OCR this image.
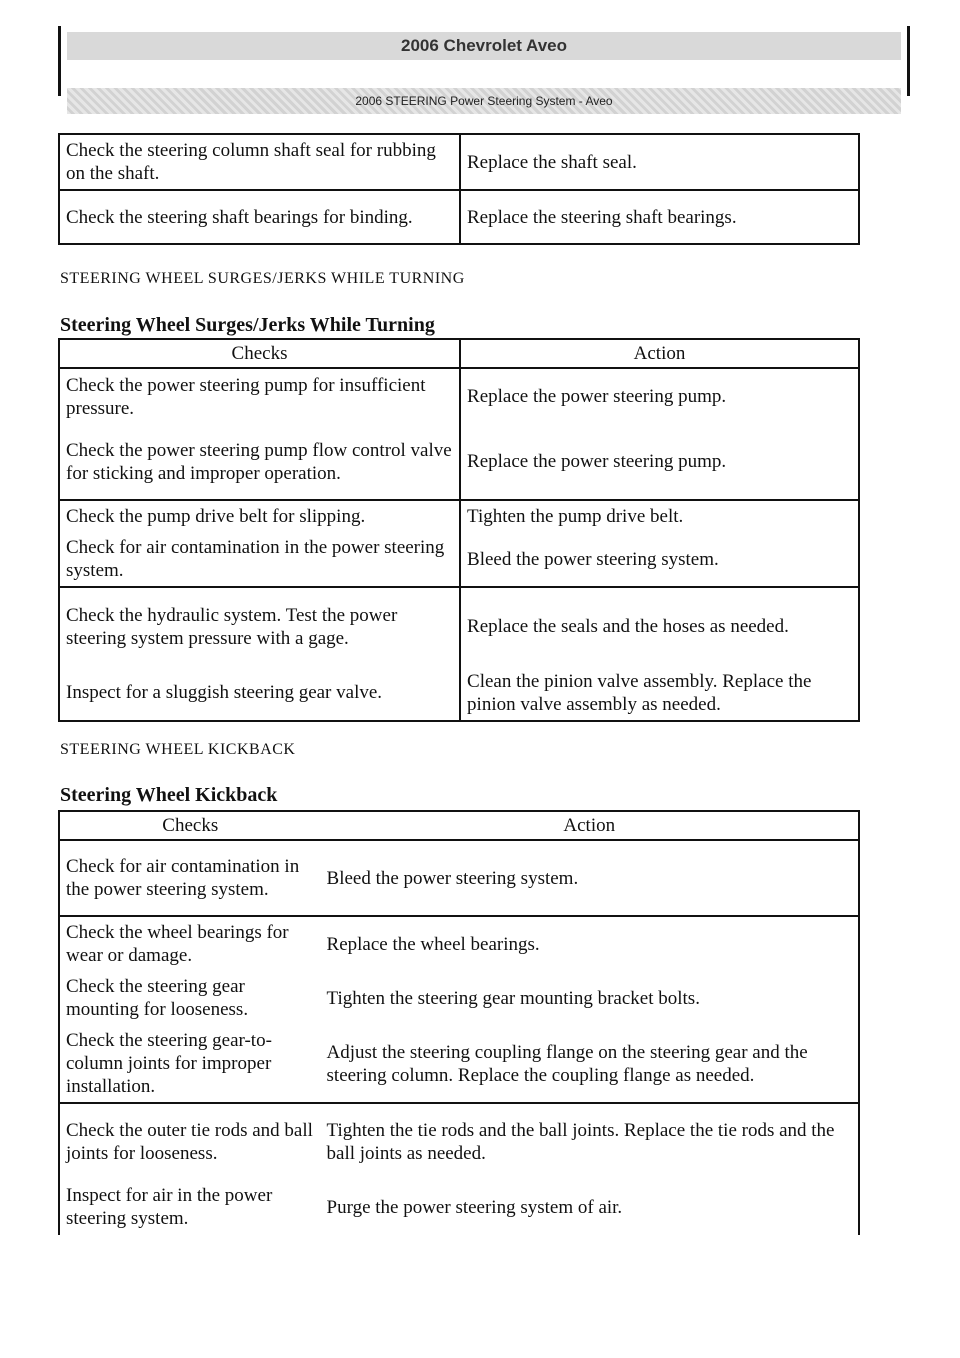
2006 Chevrolet Aveo
2006 STEERING Power Steering System - Aveo
Check the steering column shaft seal for rubbing on the shaft.	Replace the shaft seal.
Check the steering shaft bearings for binding.	Replace the steering shaft bearings.
STEERING WHEEL SURGES/JERKS WHILE TURNING
Steering Wheel Surges/Jerks While Turning
Checks	Action
Check the power steering pump for insufficient pressure.	Replace the power steering pump.
Check the power steering pump flow control valve for sticking and improper operation.	Replace the power steering pump.
Check the pump drive belt for slipping.	Tighten the pump drive belt.
Check for air contamination in the power steering system.	Bleed the power steering system.
Check the hydraulic system. Test the power steering system pressure with a gage.	Replace the seals and the hoses as needed.
Inspect for a sluggish steering gear valve.	Clean the pinion valve assembly. Replace the pinion valve assembly as needed.
STEERING WHEEL KICKBACK
Steering Wheel Kickback
Checks	Action
Check for air contamination in the power steering system.	Bleed the power steering system.
Check the wheel bearings for wear or damage.	Replace the wheel bearings.
Check the steering gear mounting for looseness.	Tighten the steering gear mounting bracket bolts.
Check the steering gear-to-column joints for improper installation.	Adjust the steering coupling flange on the steering gear and the steering column. Replace the coupling flange as needed.
Check the outer tie rods and ball joints for looseness.	Tighten the tie rods and the ball joints. Replace the tie rods and the ball joints as needed.
Inspect for air in the power steering system.	Purge the power steering system of air.
